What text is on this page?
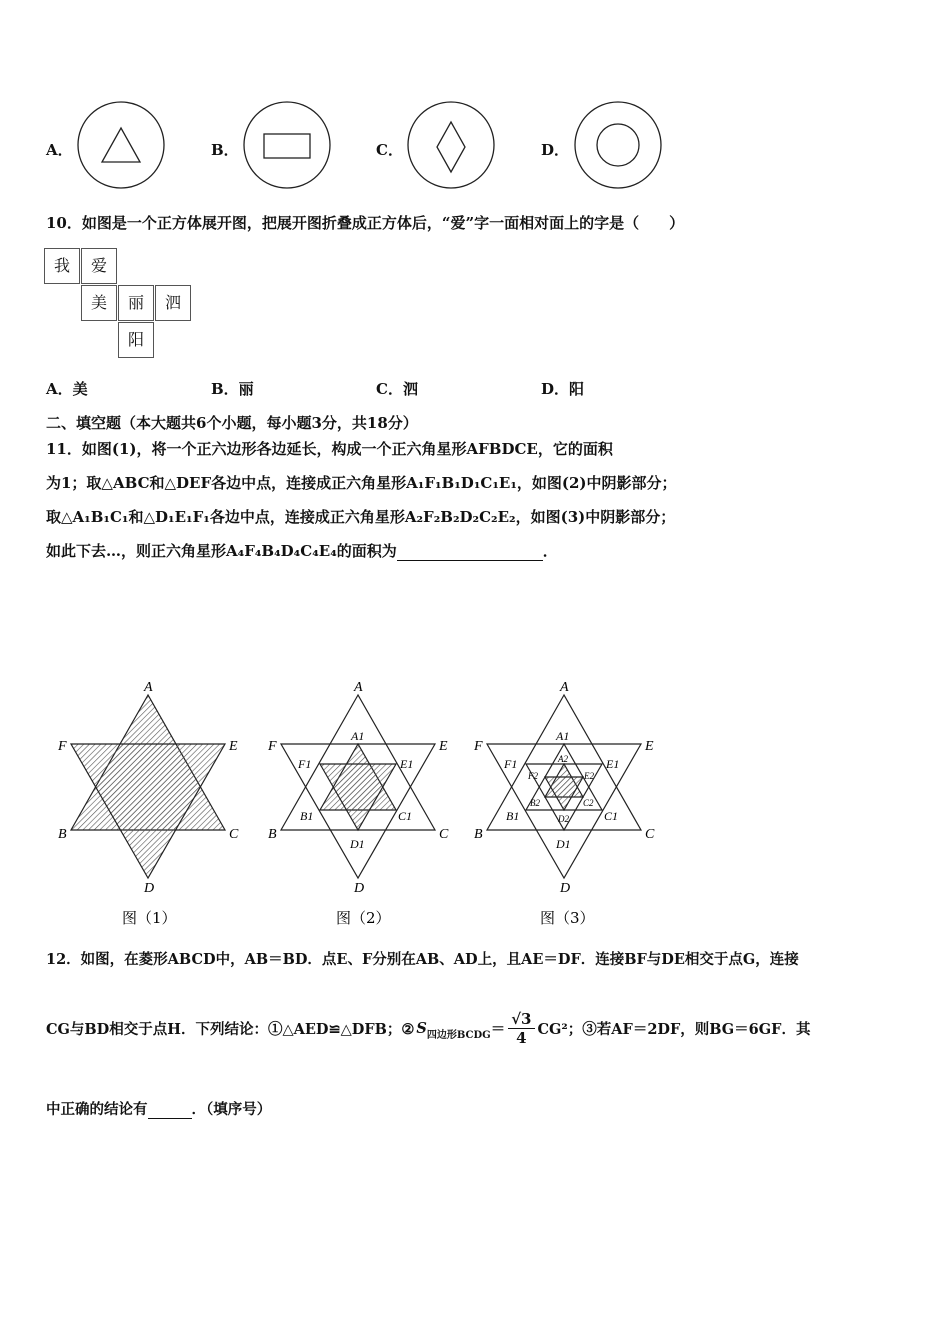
A．	B．	C．	D．
10．如图是一个正方体展开图，把展开图折叠成正方体后，“爱”字一面相对面上的字是（　　）
我	爱
美	丽	泗
阳
A．美	B．丽	C．泗	D．阳
二、填空题（本大题共6个小题，每小题3分，共18分）
11．如图(1)，将一个正六边形各边延长，构成一个正六角星形AFBDCE，它的面积
为1；取△ABC和△DEF各边中点，连接成正六角星形A₁F₁B₁D₁C₁E₁，如图(2)中阴影部分；
取△A₁B₁C₁和△D₁E₁F₁各边中点，连接成正六角星形A₂F₂B₂D₂C₂E₂，如图(3)中阴影部分；
如此下去…，则正六角星形A₄F₄B₄D₄C₄E₄的面积为	．
A
F	E
B	C
D
A
F	E
B	C
D
A1
F1	E1
B1	C1
D1
A
F	E
B	C
D
A1
F1	E1
B1	C1
D1
A2
F2	E2
B2	C2
D2
图（1）	图（2）	图（3）
12．如图，在菱形ABCD中，AB＝BD．点E、F分别在AB、AD上，且AE＝DF．连接BF与DE相交于点G，连接
CG与BD相交于点H．下列结论：①△AED≌△DFB；② $S_{四边形BCDG} = \frac{√3}{4} CG^2$；③若AF＝2DF，则BG＝6GF．其
中正确的结论有	．（填序号）
